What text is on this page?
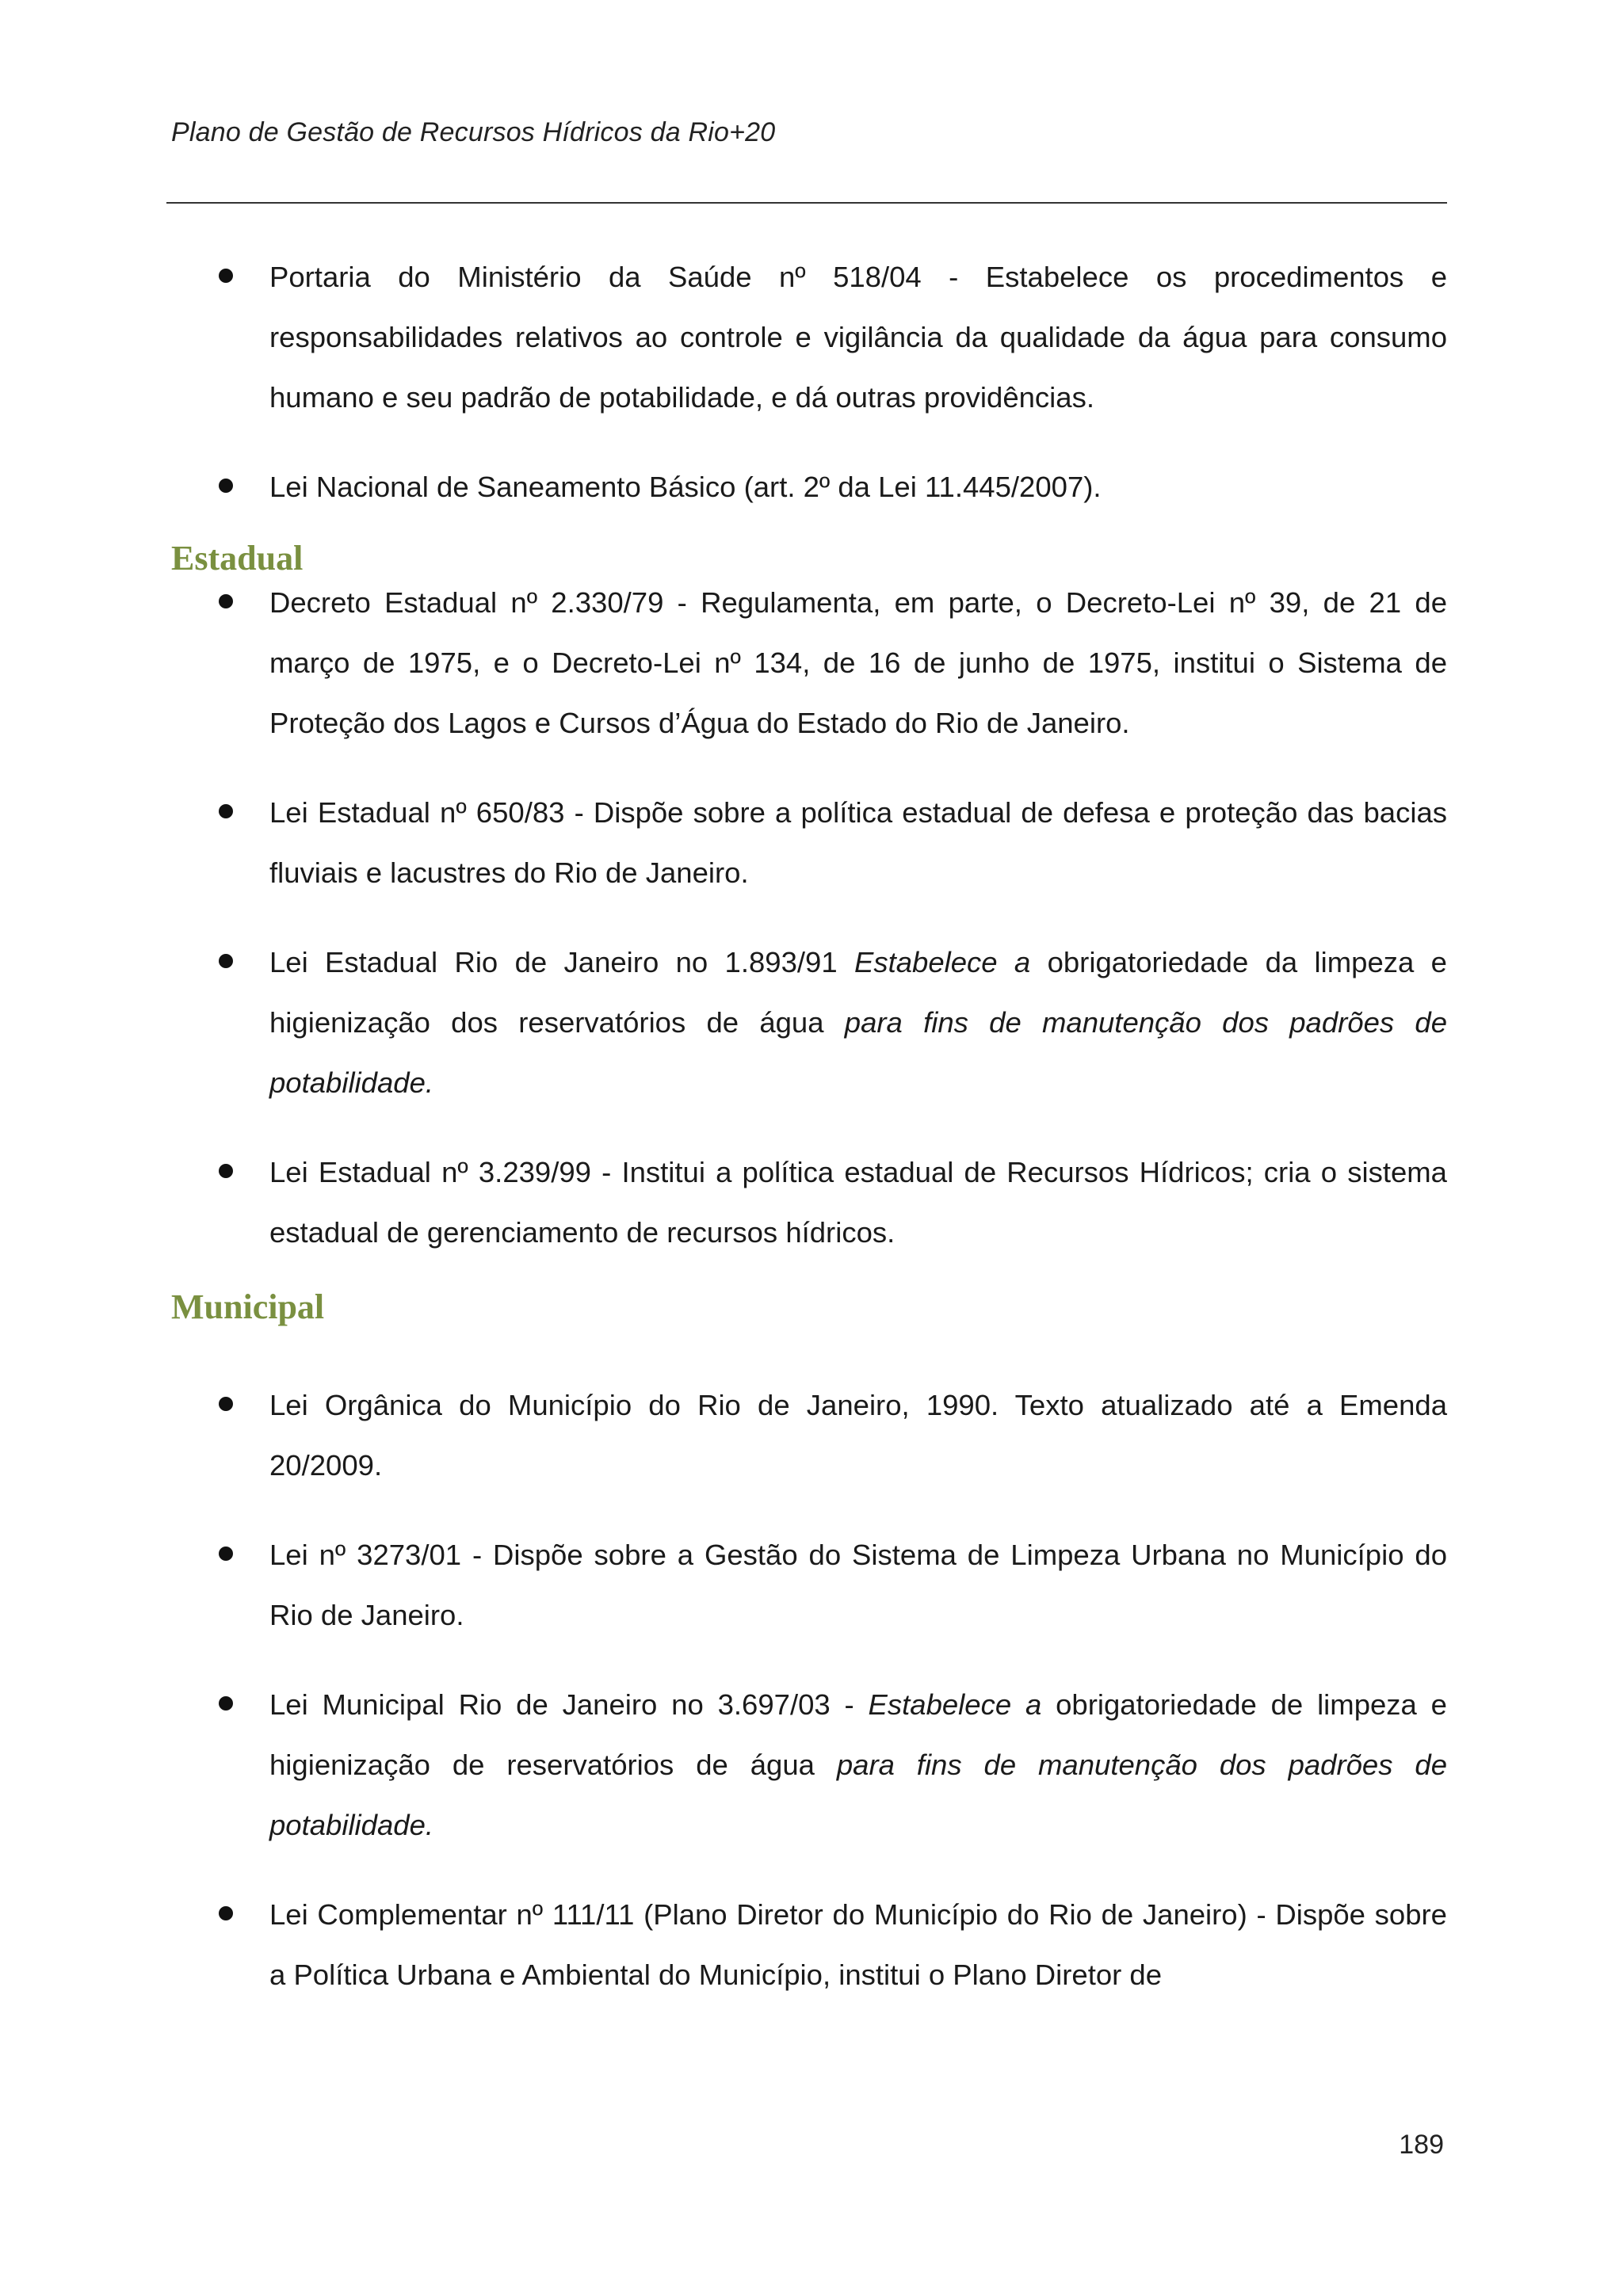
Plano de Gestão de Recursos Hídricos da Rio+20
Portaria do Ministério da Saúde nº 518/04 - Estabelece os procedimentos e responsabilidades relativos ao controle e vigilância da qualidade da água para consumo humano e seu padrão de potabilidade, e dá outras providências.
Lei Nacional de Saneamento Básico (art. 2º da Lei 11.445/2007).
Estadual
Decreto Estadual nº 2.330/79 - Regulamenta, em parte, o Decreto-Lei nº 39, de 21 de março de 1975, e o Decreto-Lei nº 134, de 16 de junho de 1975, institui o Sistema de Proteção dos Lagos e Cursos d’Água do Estado do Rio de Janeiro.
Lei Estadual nº 650/83 - Dispõe sobre a política estadual de defesa e proteção das bacias fluviais e lacustres do Rio de Janeiro.
Lei Estadual Rio de Janeiro no 1.893/91 Estabelece a obrigatoriedade da limpeza e higienização dos reservatórios de água para fins de manutenção dos padrões de potabilidade.
Lei Estadual nº 3.239/99 - Institui a política estadual de Recursos Hídricos; cria o sistema estadual de gerenciamento de recursos hídricos.
Municipal
Lei Orgânica do Município do Rio de Janeiro, 1990. Texto atualizado até a Emenda 20/2009.
Lei nº 3273/01 - Dispõe sobre a Gestão do Sistema de Limpeza Urbana no Município do Rio de Janeiro.
Lei Municipal Rio de Janeiro no 3.697/03 - Estabelece a obrigatoriedade de limpeza e higienização de reservatórios de água para fins de manutenção dos padrões de potabilidade.
Lei Complementar nº 111/11 (Plano Diretor do Município do Rio de Janeiro) - Dispõe sobre a Política Urbana e Ambiental do Município, institui o Plano Diretor de
189
